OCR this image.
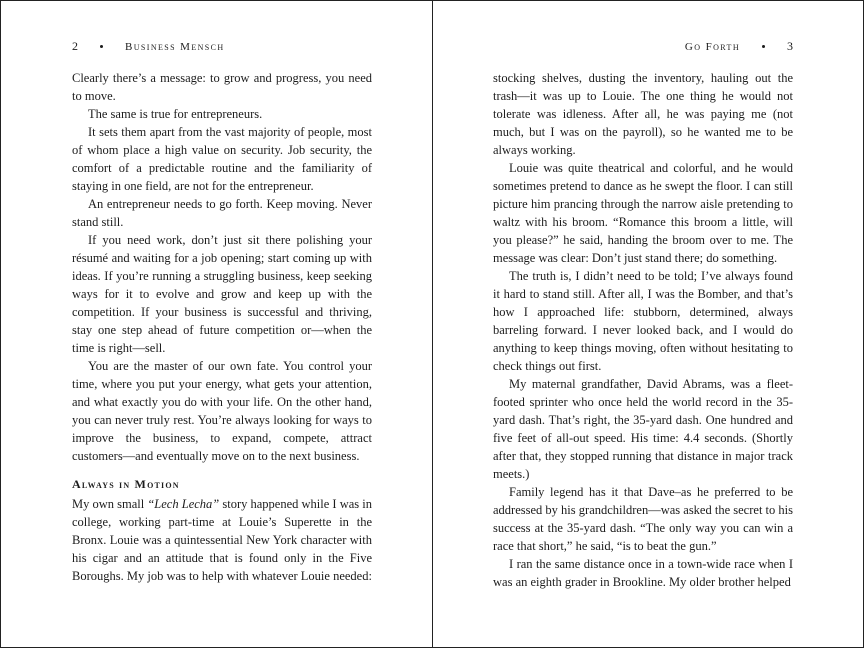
2	Business Mensch

Clearly there’s a message: to grow and progress, you need to move.

The same is true for entrepreneurs.

It sets them apart from the vast majority of people, most of whom place a high value on security. Job security, the comfort of a predictable routine and the familiarity of staying in one field, are not for the entrepreneur.

An entrepreneur needs to go forth. Keep moving. Never stand still.

If you need work, don’t just sit there polishing your résumé and waiting for a job opening; start coming up with ideas. If you’re running a struggling business, keep seeking ways for it to evolve and grow and keep up with the competition. If your business is successful and thriving, stay one step ahead of future competition or—when the time is right—sell.

You are the master of our own fate. You control your time, where you put your energy, what gets your attention, and what exactly you do with your life. On the other hand, you can never truly rest. You’re always looking for ways to improve the business, to expand, compete, attract customers—and eventually move on to the next business.

Always in Motion

My own small “Lech Lecha” story happened while I was in college, working part-time at Louie’s Superette in the Bronx. Louie was a quintessential New York character with his cigar and an attitude that is found only in the Five Boroughs. My job was to help with whatever Louie needed:

Go Forth	3

stocking shelves, dusting the inventory, hauling out the trash—it was up to Louie. The one thing he would not tolerate was idleness. After all, he was paying me (not much, but I was on the payroll), so he wanted me to be always working.

Louie was quite theatrical and colorful, and he would sometimes pretend to dance as he swept the floor. I can still picture him prancing through the narrow aisle pretending to waltz with his broom. “Romance this broom a little, will you please?” he said, handing the broom over to me. The message was clear: Don’t just stand there; do something.

The truth is, I didn’t need to be told; I’ve always found it hard to stand still. After all, I was the Bomber, and that’s how I approached life: stubborn, determined, always barreling forward. I never looked back, and I would do anything to keep things moving, often without hesitating to check things out first.

My maternal grandfather, David Abrams, was a fleet-footed sprinter who once held the world record in the 35-yard dash. That’s right, the 35-yard dash. One hundred and five feet of all-out speed. His time: 4.4 seconds. (Shortly after that, they stopped running that distance in major track meets.)

Family legend has it that Dave–as he preferred to be addressed by his grandchildren—was asked the secret to his success at the 35-yard dash. “The only way you can win a race that short,” he said, “is to beat the gun.”

I ran the same distance once in a town-wide race when I was an eighth grader in Brookline. My older brother helped
